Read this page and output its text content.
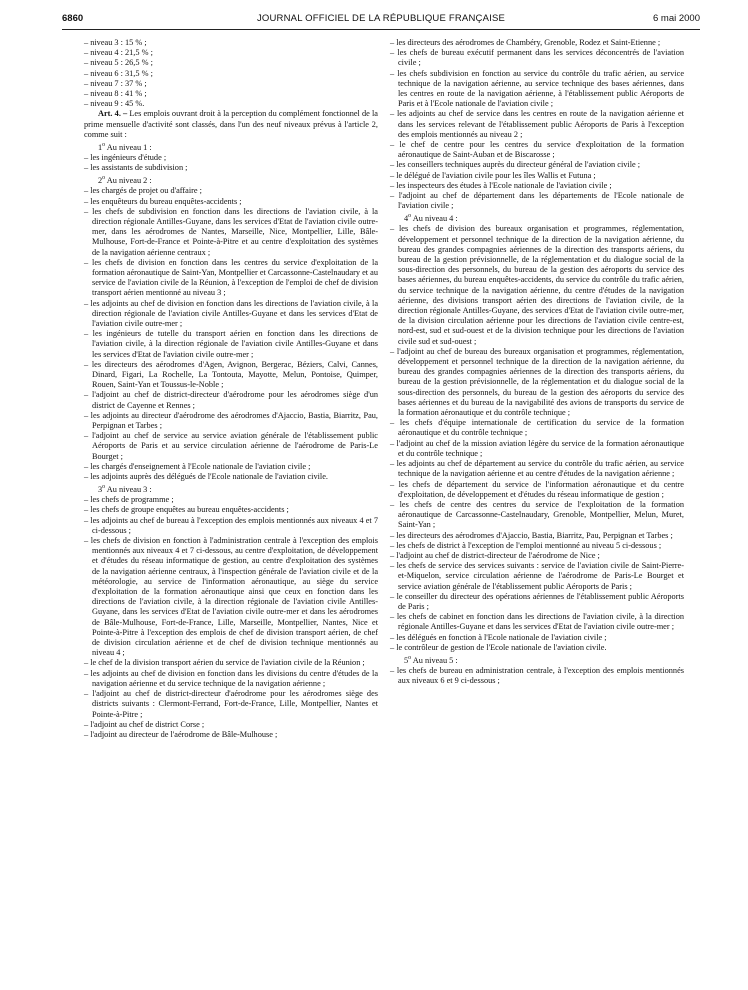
6860	JOURNAL OFFICIEL DE LA RÉPUBLIQUE FRANÇAISE	6 mai 2000

– niveau 3 : 15 % ;

– niveau 4 : 21,5 % ;

– niveau 5 : 26,5 % ;

– niveau 6 : 31,5 % ;

– niveau 7 : 37 % ;

– niveau 8 : 41 % ;

– niveau 9 : 45 %.

Art. 4. – Les emplois ouvrant droit à la perception du complément fonctionnel de la prime mensuelle d'activité sont classés, dans l'un des neuf niveaux prévus à l'article 2, comme suit :

1$^o$ Au niveau 1 :

– les ingénieurs d'étude ;

– les assistants de subdivision ;

2$^o$ Au niveau 2 :

– les chargés de projet ou d'affaire ;

– les enquêteurs du bureau enquêtes-accidents ;

– les chefs de subdivision en fonction dans les directions de l'aviation civile, à la direction régionale Antilles-Guyane, dans les services d'Etat de l'aviation civile outre-mer, dans les aérodromes de Nantes, Marseille, Nice, Montpellier, Lille, Bâle-Mulhouse, Fort-de-France et Pointe-à-Pitre et au centre d'exploitation des systèmes de la navigation aérienne centraux ;

– les chefs de division en fonction dans les centres du service d'exploitation de la formation aéronautique de Saint-Yan, Montpellier et Carcassonne-Castelnaudary et au service de l'aviation civile de la Réunion, à l'exception de l'emploi de chef de division transport aérien mentionné au niveau 3 ;

– les adjoints au chef de division en fonction dans les directions de l'aviation civile, à la direction régionale de l'aviation civile Antilles-Guyane et dans les services d'Etat de l'aviation civile outre-mer ;

– les ingénieurs de tutelle du transport aérien en fonction dans les directions de l'aviation civile, à la direction régionale de l'aviation civile Antilles-Guyane et dans les services d'Etat de l'aviation civile outre-mer ;

– les directeurs des aérodromes d'Agen, Avignon, Bergerac, Béziers, Calvi, Cannes, Dinard, Figari, La Rochelle, La Tontouta, Mayotte, Melun, Pontoise, Quimper, Rouen, Saint-Yan et Toussus-le-Noble ;

– l'adjoint au chef de district-directeur d'aérodrome pour les aérodromes siège d'un district de Cayenne et Rennes ;

– les adjoints au directeur d'aérodrome des aérodromes d'Ajaccio, Bastia, Biarritz, Pau, Perpignan et Tarbes ;

– l'adjoint au chef de service au service aviation générale de l'établissement public Aéroports de Paris et au service circulation aérienne de l'aérodrome de Paris-Le Bourget ;

– les chargés d'enseignement à l'Ecole nationale de l'aviation civile ;

– les adjoints auprès des délégués de l'Ecole nationale de l'aviation civile.

3$^o$ Au niveau 3 :

– les chefs de programme ;

– les chefs de groupe enquêtes au bureau enquêtes-accidents ;

– les adjoints au chef de bureau à l'exception des emplois mentionnés aux niveaux 4 et 7 ci-dessous ;

– les chefs de division en fonction à l'administration centrale à l'exception des emplois mentionnés aux niveaux 4 et 7 ci-dessous, au centre d'exploitation, de développement et d'études du réseau informatique de gestion, au centre d'exploitation des systèmes de la navigation aérienne centraux, à l'inspection générale de l'aviation civile et de la météorologie, au service de l'information aéronautique, au siège du service d'exploitation de la formation aéronautique ainsi que ceux en fonction dans les directions de l'aviation civile, à la direction régionale de l'aviation civile Antilles-Guyane, dans les services d'Etat de l'aviation civile outre-mer et dans les aérodromes de Bâle-Mulhouse, Fort-de-France, Lille, Marseille, Montpellier, Nantes, Nice et Pointe-à-Pitre à l'exception des emplois de chef de division transport aérien, de chef de division circulation aérienne et de chef de division technique mentionnés au niveau 4 ;

– le chef de la division transport aérien du service de l'aviation civile de la Réunion ;

– les adjoints au chef de division en fonction dans les divisions du centre d'études de la navigation aérienne et du service technique de la navigation aérienne ;

– l'adjoint au chef de district-directeur d'aérodrome pour les aérodromes siège des districts suivants : Clermont-Ferrand, Fort-de-France, Lille, Montpellier, Nantes et Pointe-à-Pitre ;

– l'adjoint au chef de district Corse ;

– l'adjoint au directeur de l'aérodrome de Bâle-Mulhouse ;

– les directeurs des aérodromes de Chambéry, Grenoble, Rodez et Saint-Etienne ;

– les chefs de bureau exécutif permanent dans les services déconcentrés de l'aviation civile ;

– les chefs subdivision en fonction au service du contrôle du trafic aérien, au service technique de la navigation aérienne, au service technique des bases aériennes, dans les centres en route de la navigation aérienne, à l'établissement public Aéroports de Paris et à l'Ecole nationale de l'aviation civile ;

– les adjoints au chef de service dans les centres en route de la navigation aérienne et dans les services relevant de l'établissement public Aéroports de Paris à l'exception des emplois mentionnés au niveau 2 ;

– le chef de centre pour les centres du service d'exploitation de la formation aéronautique de Saint-Auban et de Biscarosse ;

– les conseillers techniques auprès du directeur général de l'aviation civile ;

– le délégué de l'aviation civile pour les îles Wallis et Futuna ;

– les inspecteurs des études à l'Ecole nationale de l'aviation civile ;

– l'adjoint au chef de département dans les départements de l'Ecole nationale de l'aviation civile ;

4$^o$ Au niveau 4 :

– les chefs de division des bureaux organisation et programmes, réglementation, développement et personnel technique de la direction de la navigation aérienne, du bureau des grandes compagnies aériennes de la direction des transports aériens, du bureau de la gestion prévisionnelle, de la réglementation et du dialogue social de la sous-direction des personnels, du bureau de la gestion des aéroports du service des bases aériennes, du bureau enquêtes-accidents, du service du contrôle du trafic aérien, du service technique de la navigation aérienne, du centre d'études de la navigation aérienne, des divisions transport aérien des directions de l'aviation civile, de la direction régionale Antilles-Guyane, des services d'Etat de l'aviation civile outre-mer, de la division circulation aérienne pour les directions de l'aviation civile centre-est, nord-est, sud et sud-ouest et de la division technique pour les directions de l'aviation civile sud et sud-ouest ;

– l'adjoint au chef de bureau des bureaux organisation et programmes, réglementation, développement et personnel technique de la direction de la navigation aérienne, du bureau des grandes compagnies aériennes de la direction des transports aériens, du bureau de la gestion prévisionnelle, de la réglementation et du dialogue social de la sous-direction des personnels, du bureau de la gestion des aéroports du service des bases aériennes et du bureau de la navigabilité des avions de transports du service de la formation aéronautique et du contrôle technique ;

– les chefs d'équipe internationale de certification du service de la formation aéronautique et du contrôle technique ;

– l'adjoint au chef de la mission aviation légère du service de la formation aéronautique et du contrôle technique ;

– les adjoints au chef de département au service du contrôle du trafic aérien, au service technique de la navigation aérienne et au centre d'études de la navigation aérienne ;

– les chefs de département du service de l'information aéronautique et du centre d'exploitation, de développement et d'études du réseau informatique de gestion ;

– les chefs de centre des centres du service de l'exploitation de la formation aéronautique de Carcassonne-Castelnaudary, Grenoble, Montpellier, Melun, Muret, Saint-Yan ;

– les directeurs des aérodromes d'Ajaccio, Bastia, Biarritz, Pau, Perpignan et Tarbes ;

– les chefs de district à l'exception de l'emploi mentionné au niveau 5 ci-dessous ;

– l'adjoint au chef de district-directeur de l'aérodrome de Nice ;

– les chefs de service des services suivants : service de l'aviation civile de Saint-Pierre-et-Miquelon, service circulation aérienne de l'aérodrome de Paris-Le Bourget et service aviation générale de l'établissement public Aéroports de Paris ;

– le conseiller du directeur des opérations aériennes de l'établissement public Aéroports de Paris ;

– les chefs de cabinet en fonction dans les directions de l'aviation civile, à la direction régionale Antilles-Guyane et dans les services d'Etat de l'aviation civile outre-mer ;

– les délégués en fonction à l'Ecole nationale de l'aviation civile ;

– le contrôleur de gestion de l'Ecole nationale de l'aviation civile.

5$^o$ Au niveau 5 :

– les chefs de bureau en administration centrale, à l'exception des emplois mentionnés aux niveaux 6 et 9 ci-dessous ;
